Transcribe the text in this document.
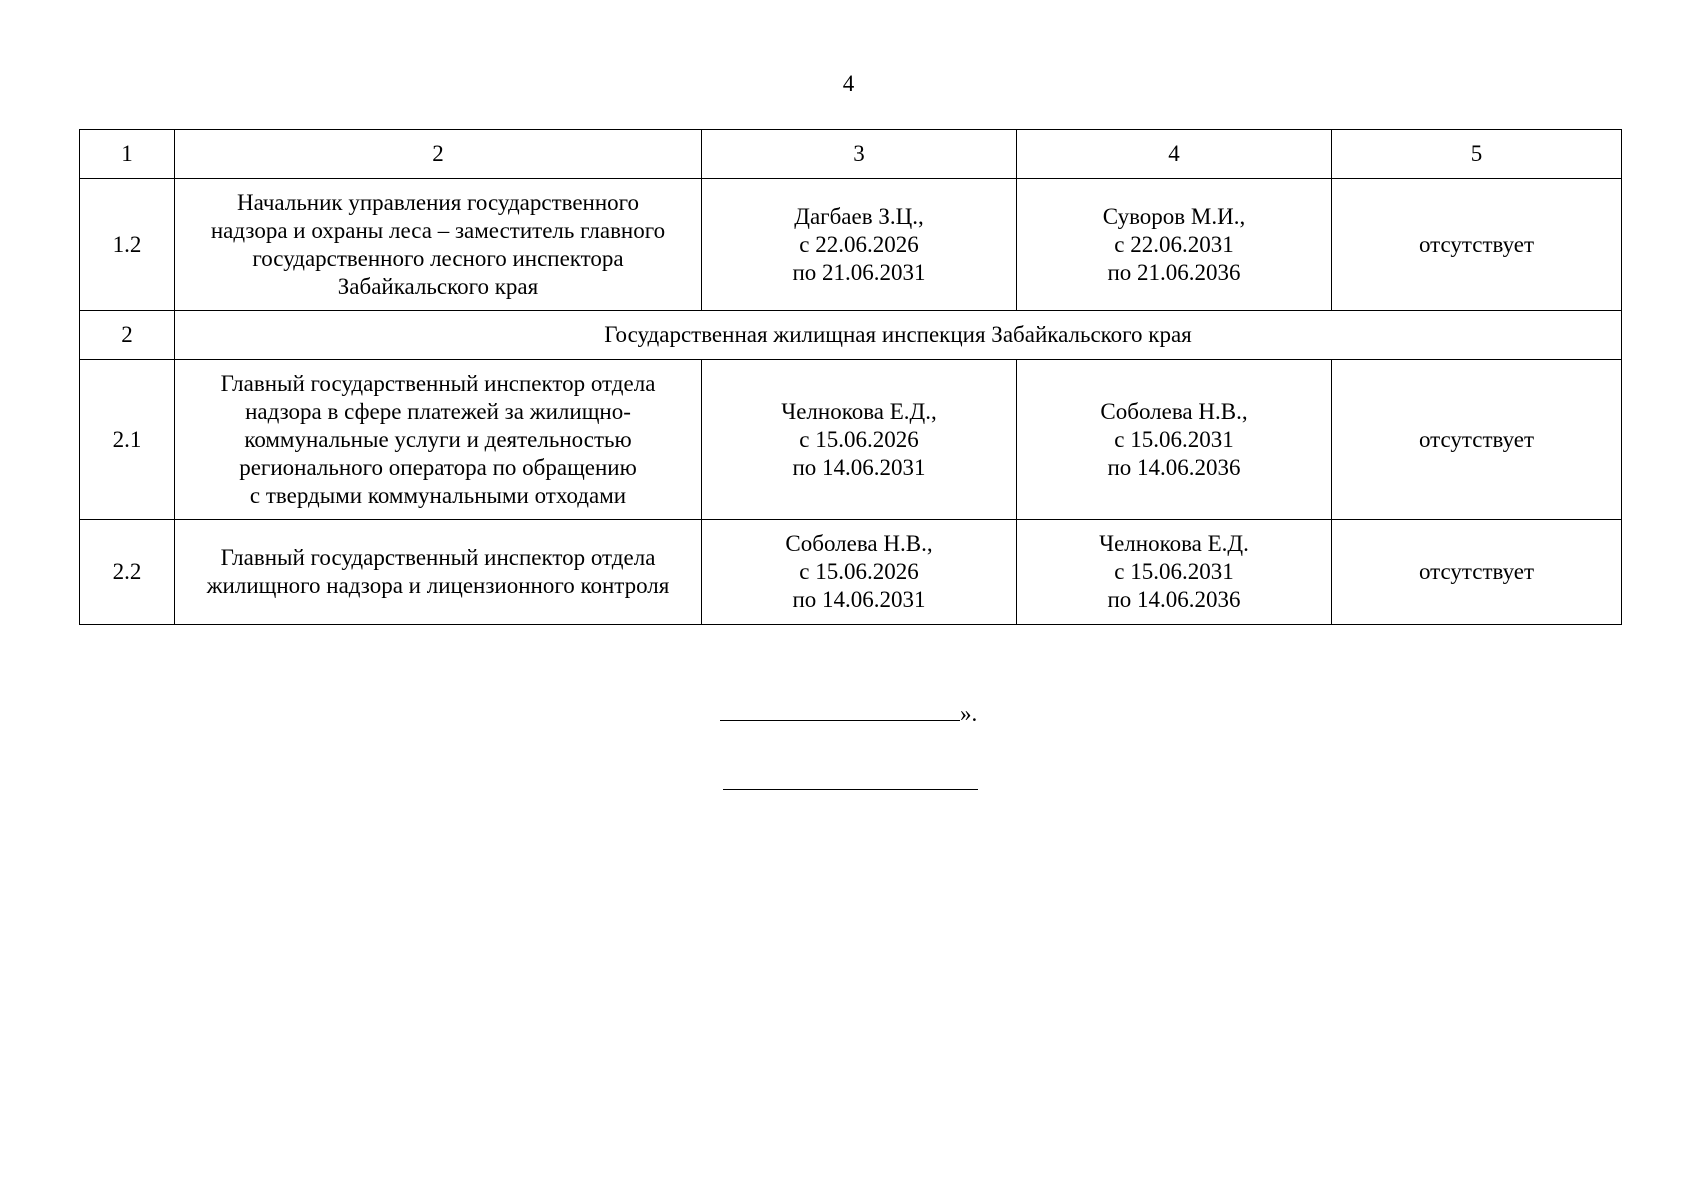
4
1	2	3	4	5
1.2	Начальник управления государственного
надзора и охраны леса – заместитель главного
государственного лесного инспектора
Забайкальского края	Дагбаев З.Ц.,
с 22.06.2026
по 21.06.2031	Суворов М.И.,
с 22.06.2031
по 21.06.2036	отсутствует
2	Государственная жилищная инспекция Забайкальского края			
2.1	Главный государственный инспектор отдела
надзора в сфере платежей за жилищно-
коммунальные услуги и деятельностью
регионального оператора по обращению
с твердыми коммунальными отходами	Челнокова Е.Д.,
с 15.06.2026
по 14.06.2031	Соболева Н.В.,
с 15.06.2031
по 14.06.2036	отсутствует
2.2	Главный государственный инспектор отдела
жилищного надзора и лицензионного контроля	Соболева Н.В.,
с 15.06.2026
по 14.06.2031	Челнокова Е.Д.
с 15.06.2031
по 14.06.2036	отсутствует
».
